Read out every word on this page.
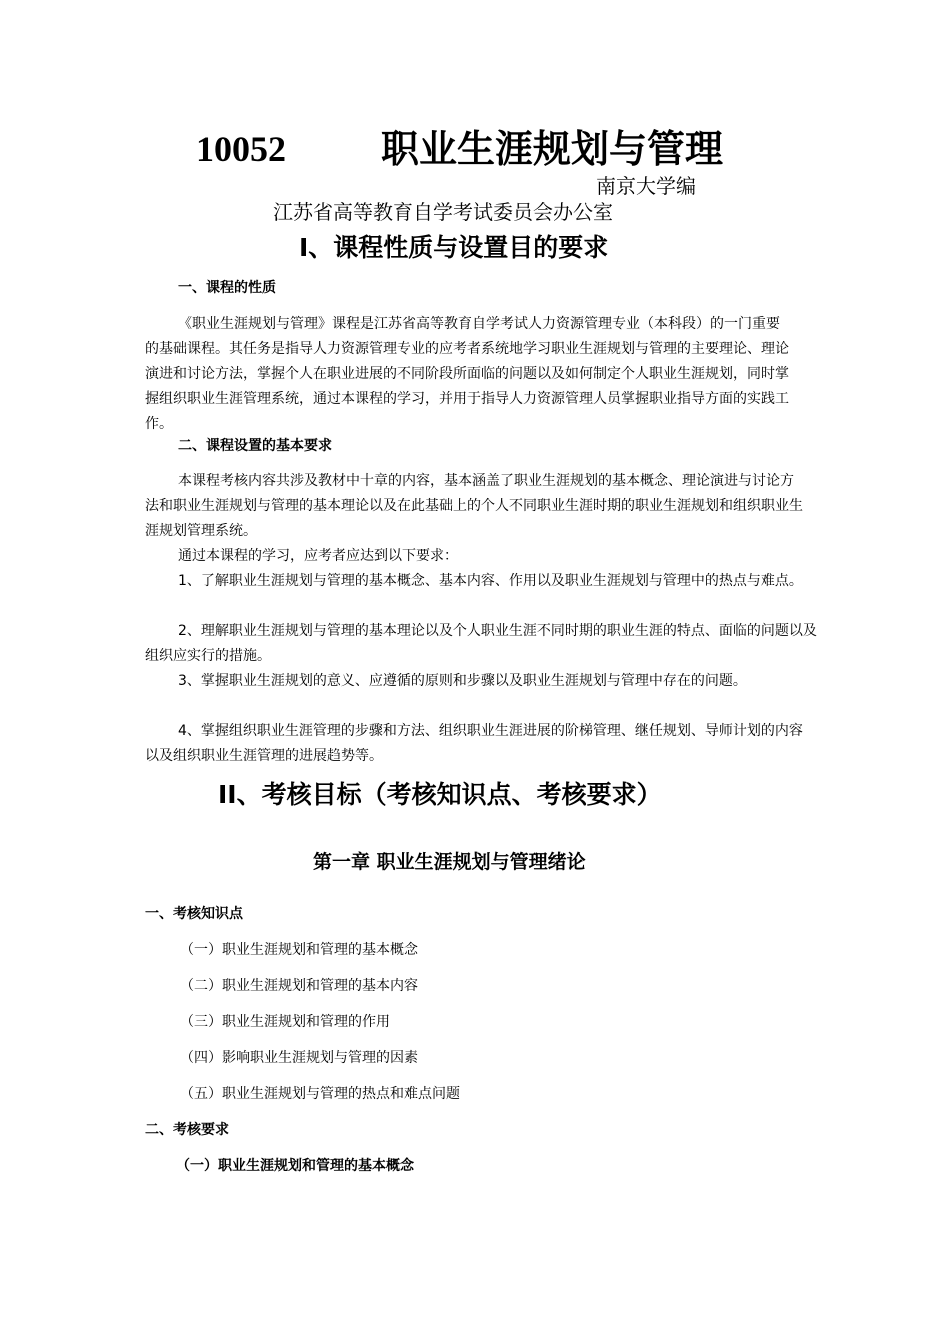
10052	职业生涯规划与管理
南京大学编
江苏省高等教育自学考试委员会办公室
I、课程性质与设置目的要求
一、课程的性质
《职业生涯规划与管理》课程是江苏省高等教育自学考试人力资源管理专业（本科段）的一门重要的基础课程。其任务是指导人力资源管理专业的应考者系统地学习职业生涯规划与管理的主要理论、理论演进和讨论方法，掌握个人在职业进展的不同阶段所面临的问题以及如何制定个人职业生涯规划，同时掌握组织职业生涯管理系统，通过本课程的学习，并用于指导人力资源管理人员掌握职业指导方面的实践工作。
二、课程设置的基本要求
本课程考核内容共涉及教材中十章的内容，基本涵盖了职业生涯规划的基本概念、理论演进与讨论方法和职业生涯规划与管理的基本理论以及在此基础上的个人不同职业生涯时期的职业生涯规划和组织职业生涯规划管理系统。
通过本课程的学习，应考者应达到以下要求：
1、了解职业生涯规划与管理的基本概念、基本内容、作用以及职业生涯规划与管理中的热点与难点。
2、理解职业生涯规划与管理的基本理论以及个人职业生涯不同时期的职业生涯的特点、面临的问题以及组织应实行的措施。
3、掌握职业生涯规划的意义、应遵循的原则和步骤以及职业生涯规划与管理中存在的问题。
4、掌握组织职业生涯管理的步骤和方法、组织职业生涯进展的阶梯管理、继任规划、导师计划的内容以及组织职业生涯管理的进展趋势等。
II、考核目标（考核知识点、考核要求）
第一章 职业生涯规划与管理绪论
一、考核知识点
（一）职业生涯规划和管理的基本概念
（二）职业生涯规划和管理的基本内容
（三）职业生涯规划和管理的作用
（四）影响职业生涯规划与管理的因素
（五）职业生涯规划与管理的热点和难点问题
二、考核要求
（一）职业生涯规划和管理的基本概念
